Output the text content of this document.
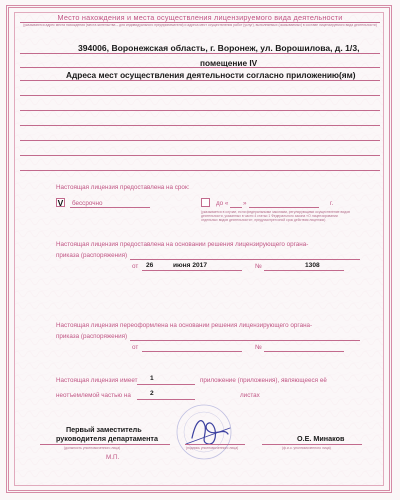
Место нахождения и места осуществления лицензируемого вида деятельности
(указываются адрес места нахождения (места жительства – для индивидуального предпринимателя) и адреса мест осуществления работ (услуг), выполняемых (оказываемых) в составе лицензируемого вида деятельности)
394006, Воронежская область, г. Воронеж, ул. Ворошилова, д. 1/3,
помещение IV
Адреса мест осуществления деятельности согласно приложению(ям)
Настоящая лицензия предоставлена на срок:
V бессрочно	до « »	г.
(указывается в случае, если федеральными законами, регулирующими осуществление видов деятельности, указанных в части 4 статьи 1 Федерального закона «О лицензировании отдельных видов деятельности», предусмотрен иной срок действия лицензии)
Настоящая лицензия предоставлена на основании решения лицензирующего органа-
приказа (распоряжения)
от 26	июня 2017	№	1308
Настоящая лицензия переоформлена на основании решения лицензирующего органа-
приказа (распоряжения)
от	№
Настоящая лицензия имеет 1	приложение (приложения), являющееся её
неотъемлемой частью на	2	листах
Первый заместитель
руководителя департамента
(должность уполномоченного лица)	(подпись уполномоченного лица)
О.Е. Минаков
(ф.и.о. уполномоченного лица)
М.П.
